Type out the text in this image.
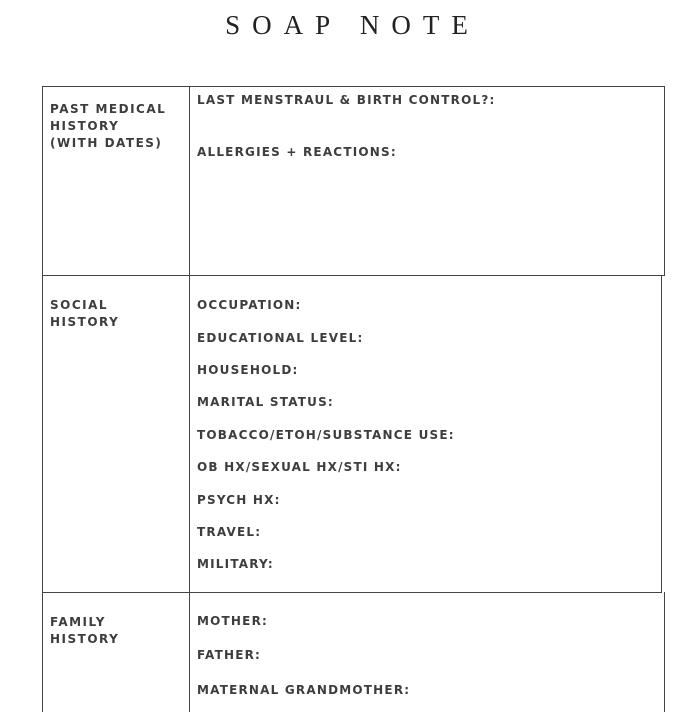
SOAP NOTE
PAST MEDICAL
HISTORY
(WITH DATES)
LAST MENSTRAUL & BIRTH CONTROL?:
ALLERGIES + REACTIONS:
SOCIAL
HISTORY
OCCUPATION:
EDUCATIONAL LEVEL:
HOUSEHOLD:
MARITAL STATUS:
TOBACCO/ETOH/SUBSTANCE USE:
OB HX/SEXUAL HX/STI HX:
PSYCH HX:
TRAVEL:
MILITARY:
FAMILY
HISTORY
MOTHER:
FATHER:
MATERNAL GRANDMOTHER:
